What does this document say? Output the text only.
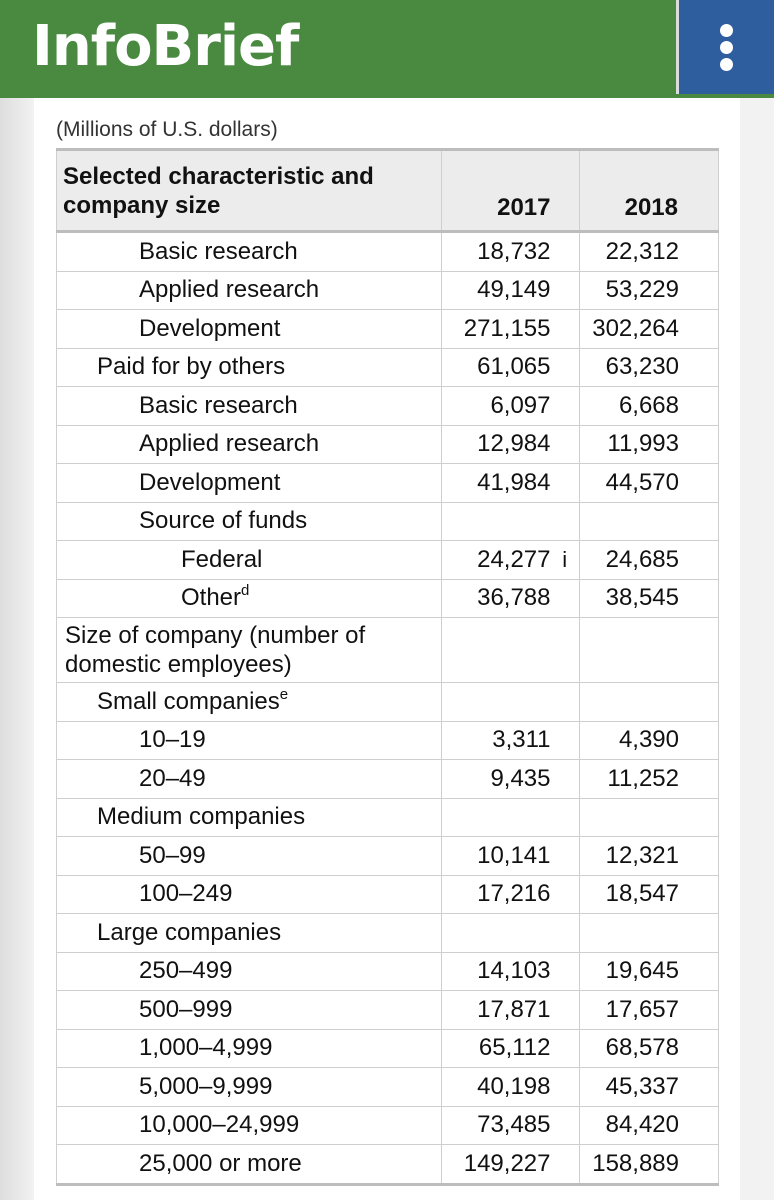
InfoBrief
(Millions of U.S. dollars)
Selected characteristic and company size	2017		2018
Basic research	18,732		22,312
Applied research	49,149		53,229
Development	271,155		302,264
Paid for by others	61,065		63,230
Basic research	6,097		6,668
Applied research	12,984		11,993
Development	41,984		44,570
Source of funds			
Federal	24,277	i	24,685
Other$^d$	36,788		38,545
Size of company (number of domestic employees)			
Small companies$^e$			
10–19	3,311		4,390
20–49	9,435		11,252
Medium companies			
50–99	10,141		12,321
100–249	17,216		18,547
Large companies			
250–499	14,103		19,645
500–999	17,871		17,657
1,000–4,999	65,112		68,578
5,000–9,999	40,198		45,337
10,000–24,999	73,485		84,420
25,000 or more	149,227		158,889
